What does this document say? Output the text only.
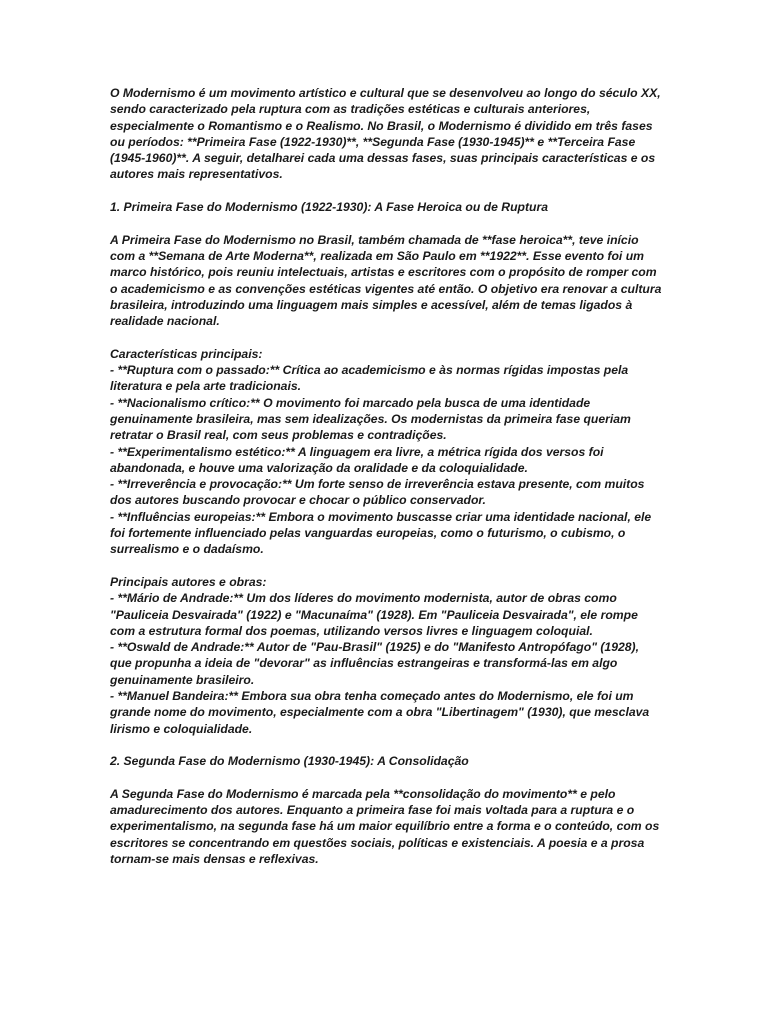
O Modernismo é um movimento artístico e cultural que se desenvolveu ao longo do século XX, sendo caracterizado pela ruptura com as tradições estéticas e culturais anteriores, especialmente o Romantismo e o Realismo. No Brasil, o Modernismo é dividido em três fases ou períodos: **Primeira Fase (1922-1930)**, **Segunda Fase (1930-1945)** e **Terceira Fase (1945-1960)**. A seguir, detalharei cada uma dessas fases, suas principais características e os autores mais representativos.

1. Primeira Fase do Modernismo (1922-1930): A Fase Heroica ou de Ruptura

A Primeira Fase do Modernismo no Brasil, também chamada de **fase heroica**, teve início com a **Semana de Arte Moderna**, realizada em São Paulo em **1922**. Esse evento foi um marco histórico, pois reuniu intelectuais, artistas e escritores com o propósito de romper com o academicismo e as convenções estéticas vigentes até então. O objetivo era renovar a cultura brasileira, introduzindo uma linguagem mais simples e acessível, além de temas ligados à realidade nacional.

Características principais:

- **Ruptura com o passado:** Crítica ao academicismo e às normas rígidas impostas pela literatura e pela arte tradicionais.

- **Nacionalismo crítico:** O movimento foi marcado pela busca de uma identidade genuinamente brasileira, mas sem idealizações. Os modernistas da primeira fase queriam retratar o Brasil real, com seus problemas e contradições.

- **Experimentalismo estético:** A linguagem era livre, a métrica rígida dos versos foi abandonada, e houve uma valorização da oralidade e da coloquialidade.

- **Irreverência e provocação:** Um forte senso de irreverência estava presente, com muitos dos autores buscando provocar e chocar o público conservador.

- **Influências europeias:** Embora o movimento buscasse criar uma identidade nacional, ele foi fortemente influenciado pelas vanguardas europeias, como o futurismo, o cubismo, o surrealismo e o dadaísmo.

Principais autores e obras:

- **Mário de Andrade:** Um dos líderes do movimento modernista, autor de obras como "Pauliceia Desvairada" (1922) e "Macunaíma" (1928). Em "Pauliceia Desvairada", ele rompe com a estrutura formal dos poemas, utilizando versos livres e linguagem coloquial.

- **Oswald de Andrade:** Autor de "Pau-Brasil" (1925) e do "Manifesto Antropófago" (1928), que propunha a ideia de "devorar" as influências estrangeiras e transformá-las em algo genuinamente brasileiro.

- **Manuel Bandeira:** Embora sua obra tenha começado antes do Modernismo, ele foi um grande nome do movimento, especialmente com a obra "Libertinagem" (1930), que mesclava lirismo e coloquialidade.

2. Segunda Fase do Modernismo (1930-1945): A Consolidação

A Segunda Fase do Modernismo é marcada pela **consolidação do movimento** e pelo amadurecimento dos autores. Enquanto a primeira fase foi mais voltada para a ruptura e o experimentalismo, na segunda fase há um maior equilíbrio entre a forma e o conteúdo, com os escritores se concentrando em questões sociais, políticas e existenciais. A poesia e a prosa tornam-se mais densas e reflexivas.
